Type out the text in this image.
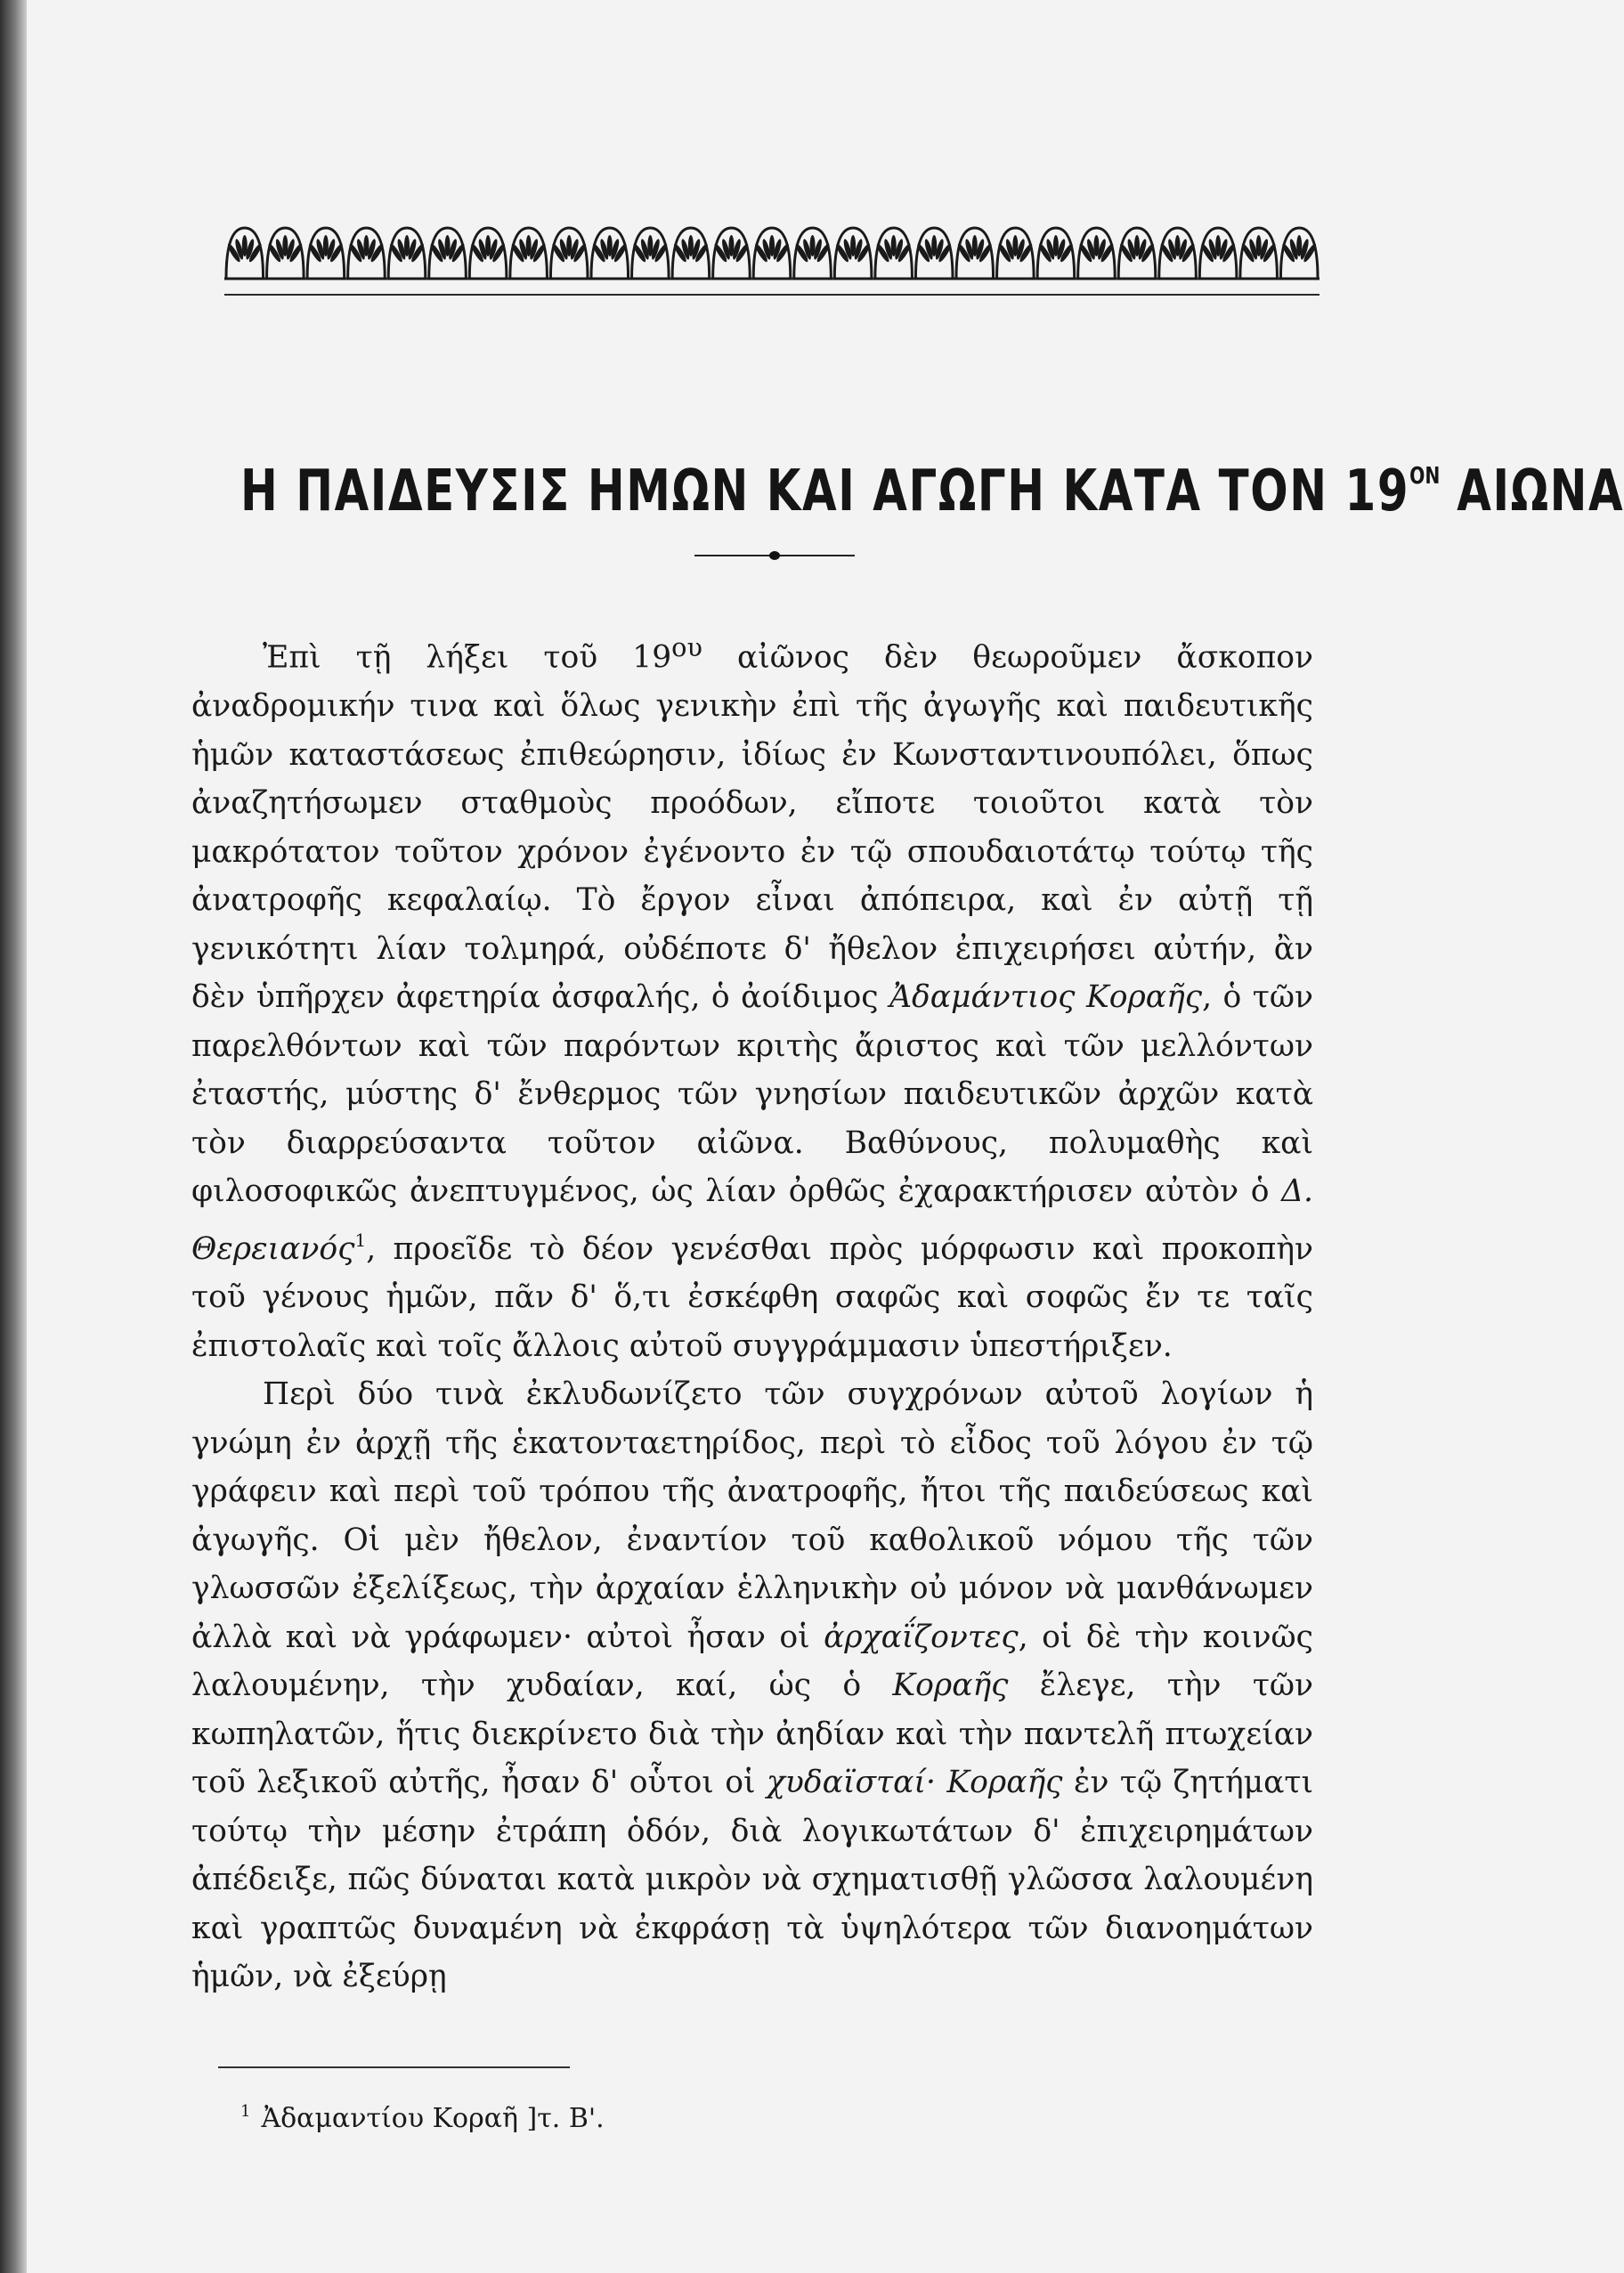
Η ΠΑΙΔΕΥΣΙΣ ΗΜΩΝ ΚΑΙ ΑΓΩΓΗ ΚΑΤΑ ΤΟΝ $19^{ON}$ ΑΙΩΝΑ

Ἐπὶ τῇ λήξει τοῦ $19^{o\upsilon}$ αἰῶνος δὲν θεωροῦμεν ἄσκοπον ἀναδρομικήν τινα καὶ ὅλως γενικὴν ἐπὶ τῆς ἀγωγῆς καὶ παιδευτικῆς ἡμῶν καταστάσεως ἐπιθεώρησιν, ἰδίως ἐν Κωνσταντινουπόλει, ὅπως ἀναζητήσωμεν σταθμοὺς προόδων, εἴποτε τοιοῦτοι κατὰ τὸν μακρότατον τοῦτον χρόνον ἐγένοντο ἐν τῷ σπουδαιοτάτῳ τούτῳ τῆς ἀνατροφῆς κεφαλαίῳ. Τὸ ἔργον εἶναι ἀπόπειρα, καὶ ἐν αὐτῇ τῇ γενικότητι λίαν τολμηρά, οὐδέποτε δ' ἤθελον ἐπιχειρήσει αὐτήν, ἂν δὲν ὑπῆρχεν ἀφετηρία ἀσφαλής, ὁ ἀοίδιμος Ἀδαμάντιος Κοραῆς, ὁ τῶν παρελθόντων καὶ τῶν παρόντων κριτὴς ἄριστος καὶ τῶν μελλόντων ἐταστής, μύστης δ' ἔνθερμος τῶν γνησίων παιδευτικῶν ἀρχῶν κατὰ τὸν διαρρεύσαντα τοῦτον αἰῶνα. Βαθύνους, πολυμαθὴς καὶ φιλοσοφικῶς ἀνεπτυγμένος, ὡς λίαν ὀρθῶς ἐχαρακτήρισεν αὐτὸν ὁ Δ. Θερειανός$^1$, προεῖδε τὸ δέον γενέσθαι πρὸς μόρφωσιν καὶ προκοπὴν τοῦ γένους ἡμῶν, πᾶν δ' ὅ,τι ἐσκέφθη σαφῶς καὶ σοφῶς ἔν τε ταῖς ἐπιστολαῖς καὶ τοῖς ἄλλοις αὐτοῦ συγγράμμασιν ὑπεστήριξεν.

Περὶ δύο τινὰ ἐκλυδωνίζετο τῶν συγχρόνων αὐτοῦ λογίων ἡ γνώμη ἐν ἀρχῇ τῆς ἑκατονταετηρίδος, περὶ τὸ εἶδος τοῦ λόγου ἐν τῷ γράφειν καὶ περὶ τοῦ τρόπου τῆς ἀνατροφῆς, ἤτοι τῆς παιδεύσεως καὶ ἀγωγῆς. Οἱ μὲν ἤθελον, ἐναντίον τοῦ καθολικοῦ νόμου τῆς τῶν γλωσσῶν ἐξελίξεως, τὴν ἀρχαίαν ἑλληνικὴν οὐ μόνον νὰ μανθάνωμεν ἀλλὰ καὶ νὰ γράφωμεν· αὐτοὶ ἦσαν οἱ ἀρχαΐζοντες, οἱ δὲ τὴν κοινῶς λαλουμένην, τὴν χυδαίαν, καί, ὡς ὁ Κοραῆς ἔλεγε, τὴν τῶν κωπηλατῶν, ἥτις διεκρίνετο διὰ τὴν ἀηδίαν καὶ τὴν παντελῆ πτωχείαν τοῦ λεξικοῦ αὐτῆς, ἦσαν δ' οὗτοι οἱ χυδαϊσταί· Κοραῆς ἐν τῷ ζητήματι τούτῳ τὴν μέσην ἐτράπη ὁδόν, διὰ λογικωτάτων δ' ἐπιχειρημάτων ἀπέδειξε, πῶς δύναται κατὰ μικρὸν νὰ σχηματισθῇ γλῶσσα λαλουμένη καὶ γραπτῶς δυναμένη νὰ ἐκφράσῃ τὰ ὑψηλότερα τῶν διανοημάτων ἡμῶν, νὰ ἐξεύρῃ

$^1$ Ἀδαμαντίου Κοραῆ ]τ. Β'.
